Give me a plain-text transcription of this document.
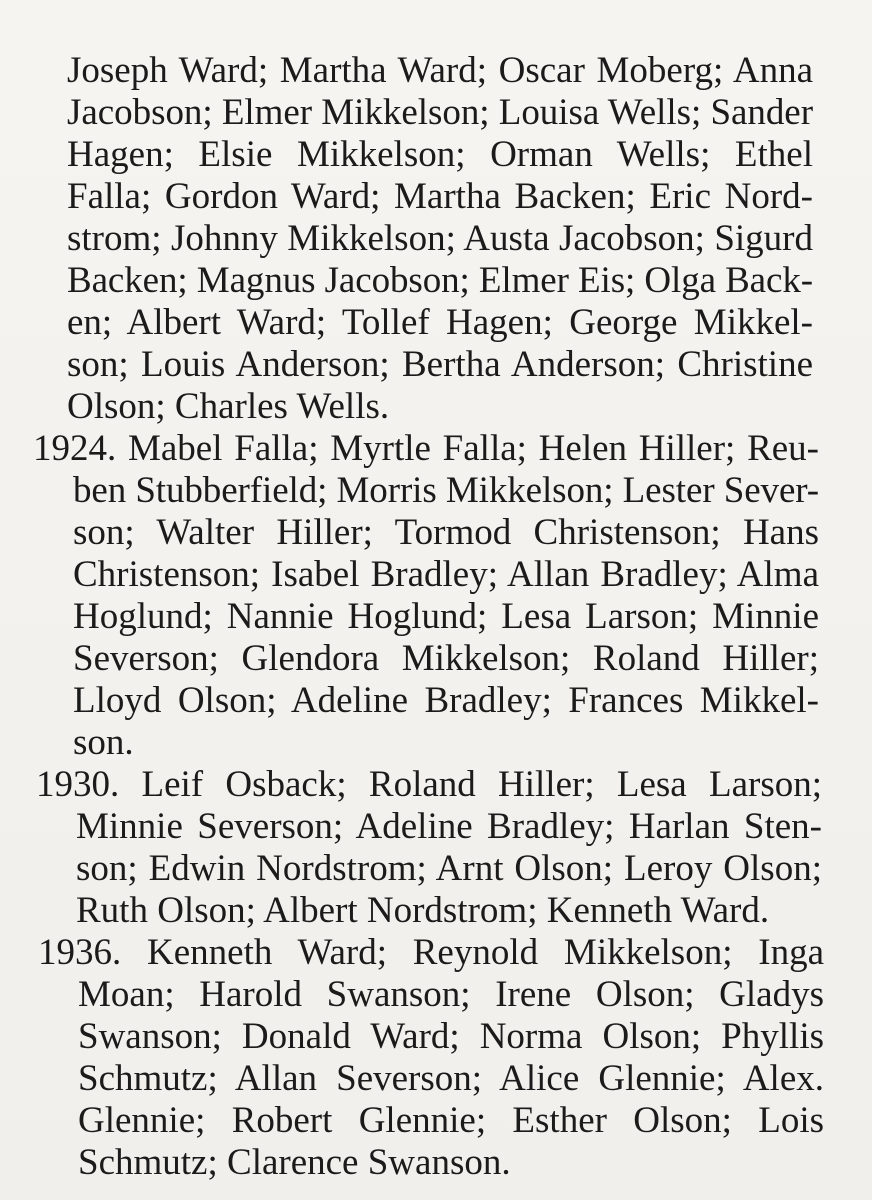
Joseph Ward; Martha Ward; Oscar Moberg; Anna
Jacobson; Elmer Mikkelson; Louisa Wells; Sander
Hagen; Elsie Mikkelson; Orman Wells; Ethel
Falla; Gordon Ward; Martha Backen; Eric Nord-
strom; Johnny Mikkelson; Austa Jacobson; Sigurd
Backen; Magnus Jacobson; Elmer Eis; Olga Back-
en; Albert Ward; Tollef Hagen; George Mikkel-
son; Louis Anderson; Bertha Anderson; Christine
Olson; Charles Wells.
1924. Mabel Falla; Myrtle Falla; Helen Hiller; Reu-
ben Stubberfield; Morris Mikkelson; Lester Sever-
son; Walter Hiller; Tormod Christenson; Hans
Christenson; Isabel Bradley; Allan Bradley; Alma
Hoglund; Nannie Hoglund; Lesa Larson; Minnie
Severson; Glendora Mikkelson; Roland Hiller;
Lloyd Olson; Adeline Bradley; Frances Mikkel-
son.
1930. Leif Osback; Roland Hiller; Lesa Larson;
Minnie Severson; Adeline Bradley; Harlan Sten-
son; Edwin Nordstrom; Arnt Olson; Leroy Olson;
Ruth Olson; Albert Nordstrom; Kenneth Ward.
1936. Kenneth Ward; Reynold Mikkelson; Inga
Moan; Harold Swanson; Irene Olson; Gladys
Swanson; Donald Ward; Norma Olson; Phyllis
Schmutz; Allan Severson; Alice Glennie; Alex.
Glennie; Robert Glennie; Esther Olson; Lois
Schmutz; Clarence Swanson.
